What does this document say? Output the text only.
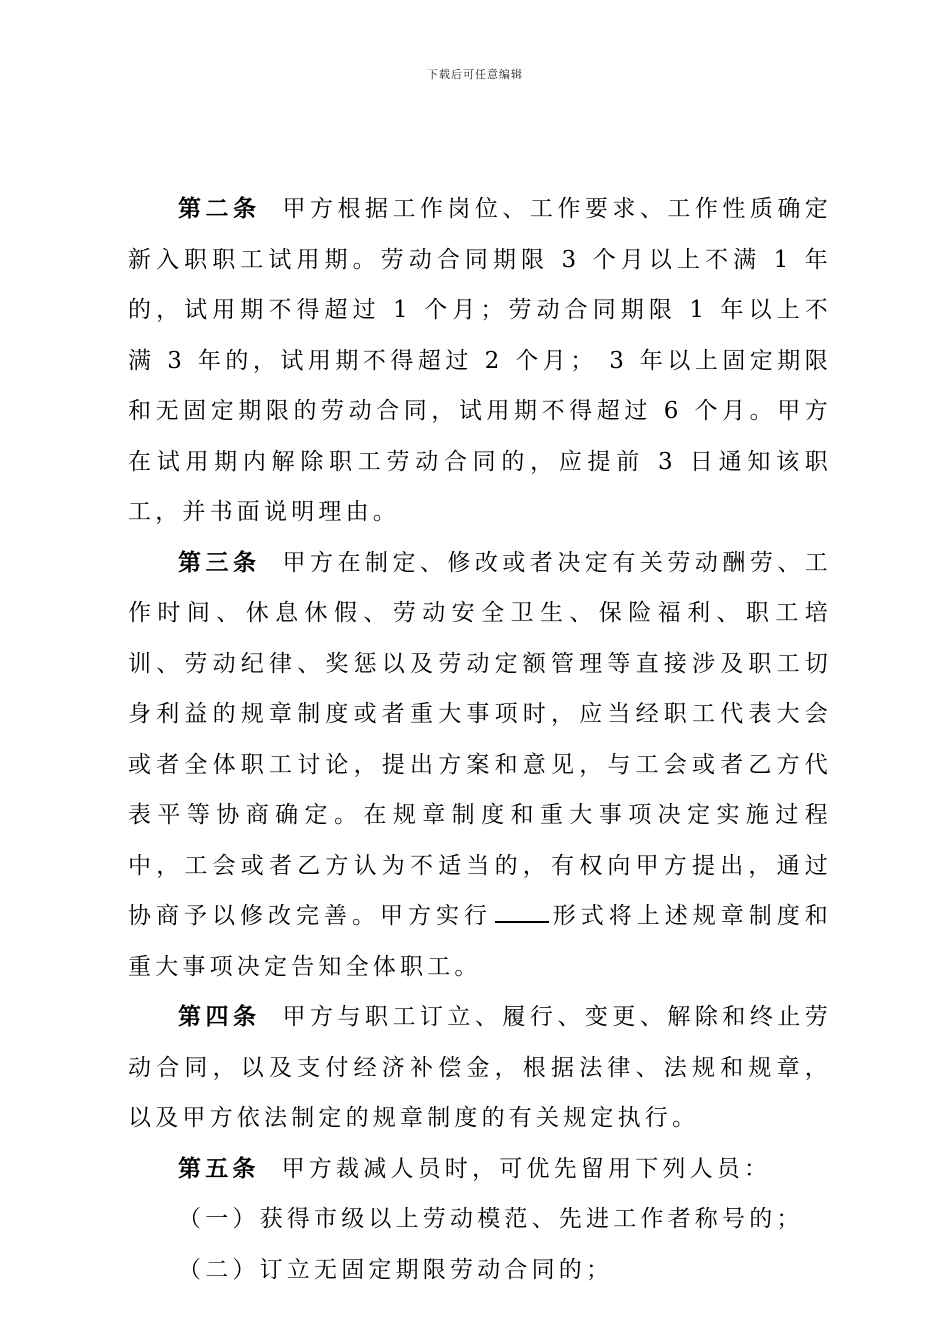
下载后可任意编辑

第二条 甲方根据工作岗位、工作要求、工作性质确定新入职职工试用期。劳动合同期限 3 个月以上不满 1 年的，试用期不得超过 1 个月；劳动合同期限 1 年以上不满 3 年的，试用期不得超过 2 个月； 3 年以上固定期限和无固定期限的劳动合同，试用期不得超过 6 个月。甲方在试用期内解除职工劳动合同的，应提前 3 日通知该职工，并书面说明理由。

第三条 甲方在制定、修改或者决定有关劳动酬劳、工作时间、休息休假、劳动安全卫生、保险福利、职工培训、劳动纪律、奖惩以及劳动定额管理等直接涉及职工切身利益的规章制度或者重大事项时，应当经职工代表大会或者全体职工讨论，提出方案和意见，与工会或者乙方代表平等协商确定。在规章制度和重大事项决定实施过程中，工会或者乙方认为不适当的，有权向甲方提出，通过协商予以修改完善。甲方实行	形式将上述规章制度和重大事项决定告知全体职工。

第四条 甲方与职工订立、履行、变更、解除和终止劳动合同，以及支付经济补偿金，根据法律、法规和规章，以及甲方依法制定的规章制度的有关规定执行。

第五条 甲方裁减人员时，可优先留用下列人员：

（一）获得市级以上劳动模范、先进工作者称号的；

（二）订立无固定期限劳动合同的；
